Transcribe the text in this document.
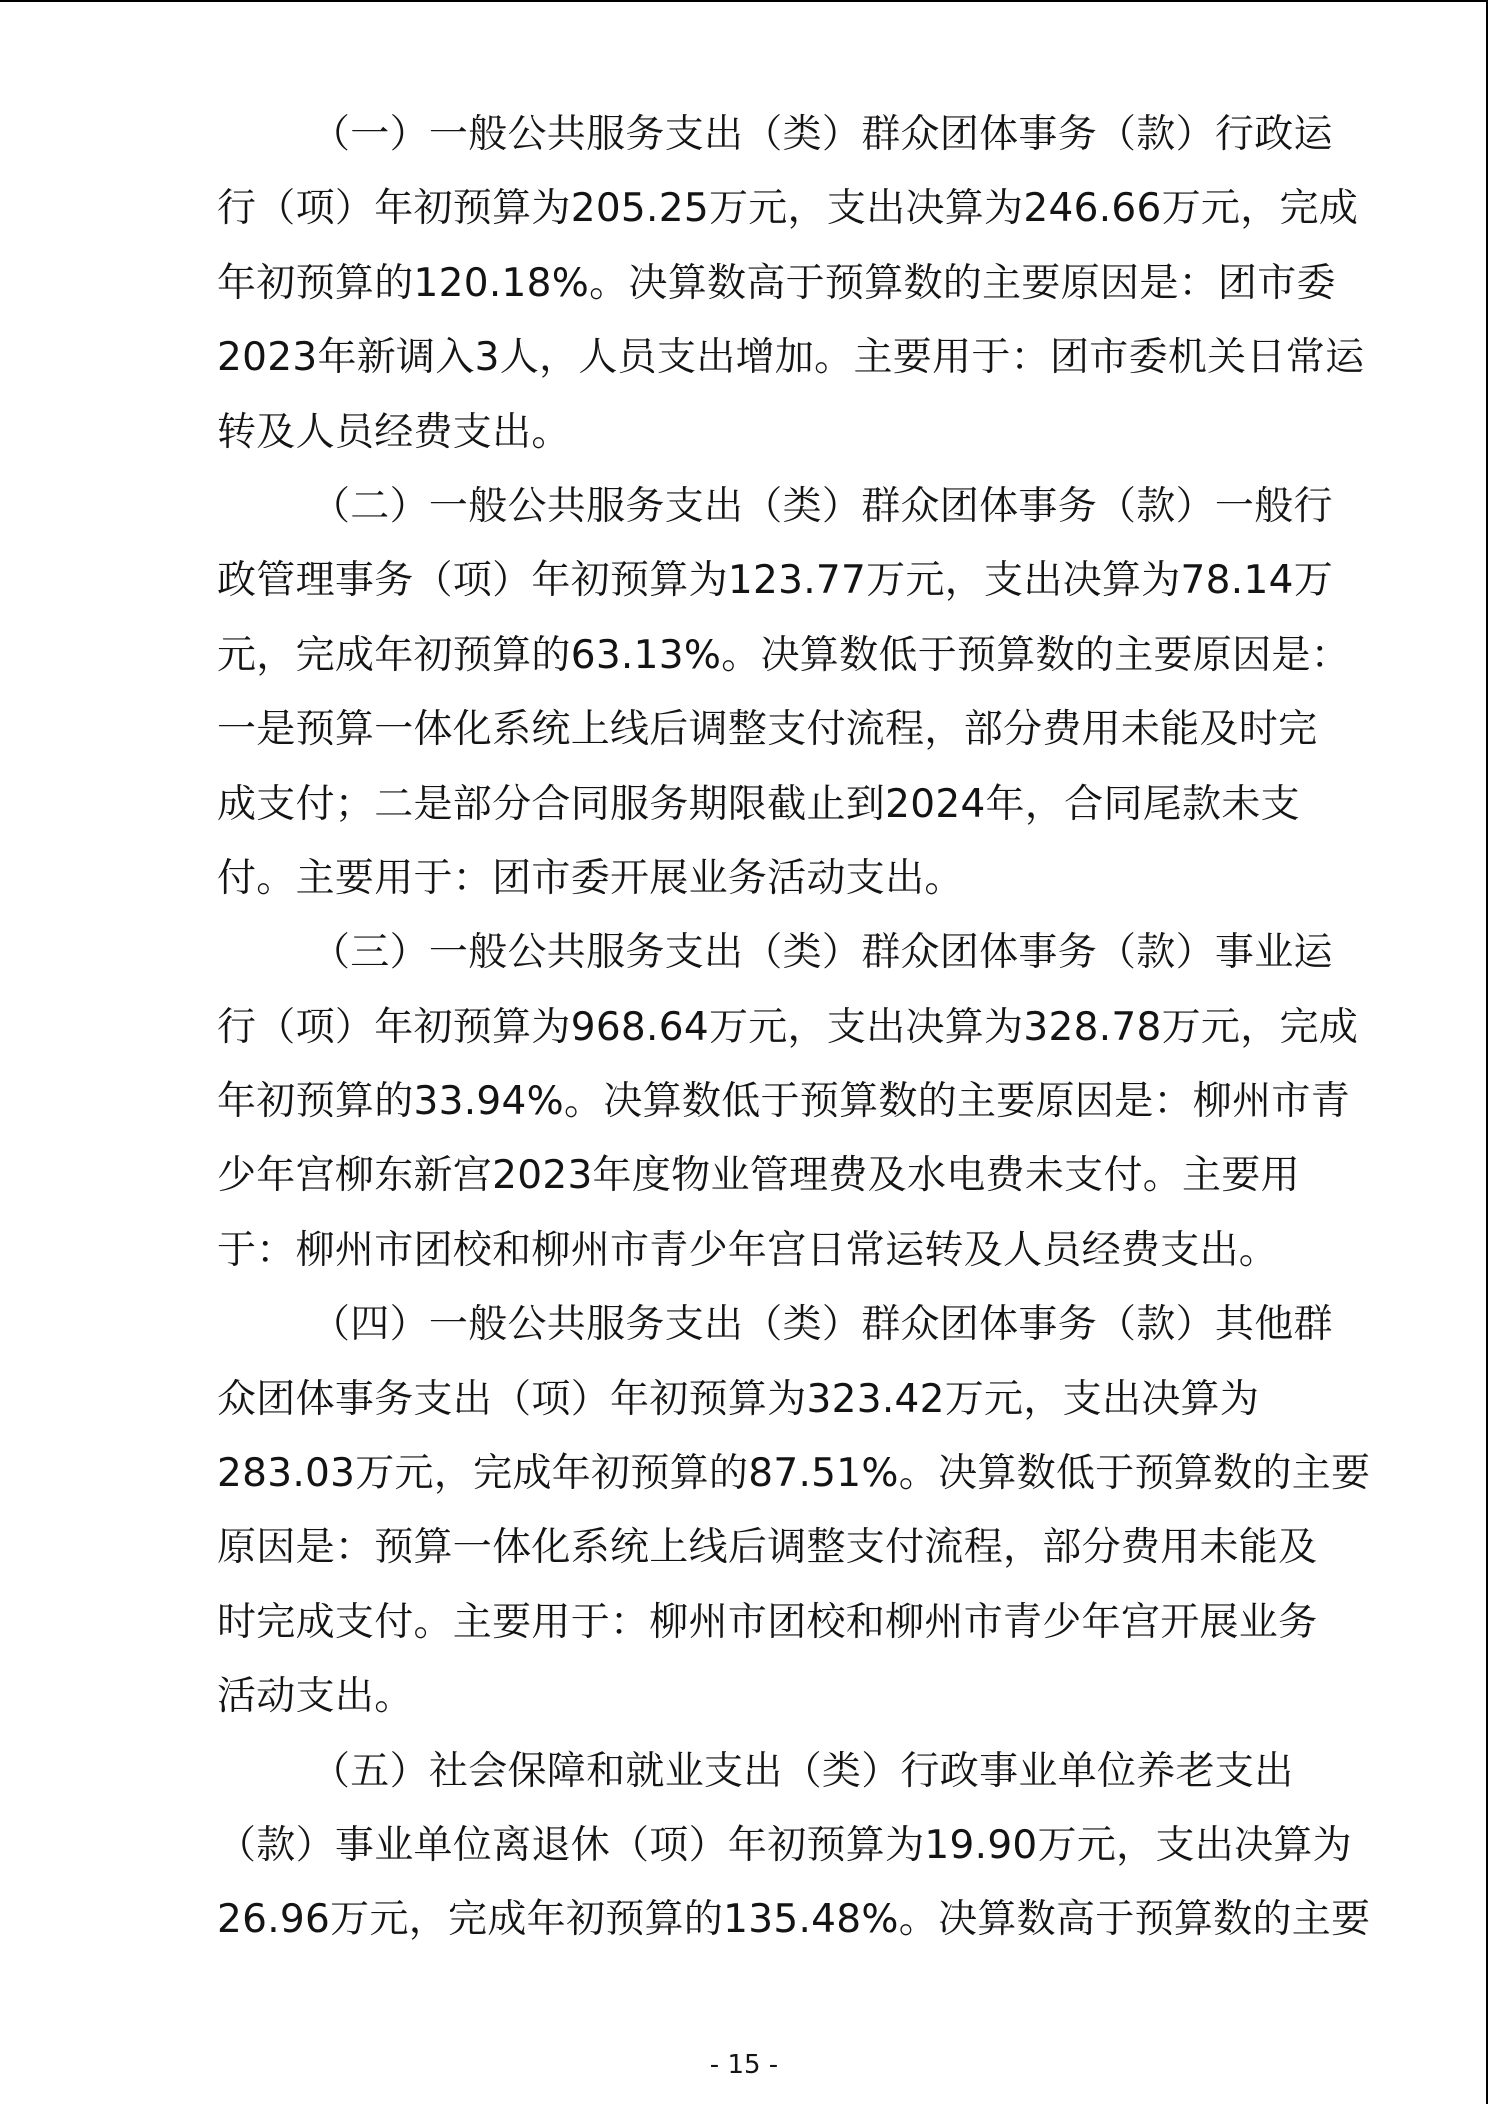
（一）一般公共服务支出（类）群众团体事务（款）行政运
行（项）年初预算为205.25万元，支出决算为246.66万元，完成
年初预算的120.18%。决算数高于预算数的主要原因是：团市委
2023年新调入3人，人员支出增加。主要用于：团市委机关日常运
转及人员经费支出。
（二）一般公共服务支出（类）群众团体事务（款）一般行
政管理事务（项）年初预算为123.77万元，支出决算为78.14万
元，完成年初预算的63.13%。决算数低于预算数的主要原因是：
一是预算一体化系统上线后调整支付流程，部分费用未能及时完
成支付；二是部分合同服务期限截止到2024年，合同尾款未支
付。主要用于：团市委开展业务活动支出。
（三）一般公共服务支出（类）群众团体事务（款）事业运
行（项）年初预算为968.64万元，支出决算为328.78万元，完成
年初预算的33.94%。决算数低于预算数的主要原因是：柳州市青
少年宫柳东新宫2023年度物业管理费及水电费未支付。主要用
于：柳州市团校和柳州市青少年宫日常运转及人员经费支出。
（四）一般公共服务支出（类）群众团体事务（款）其他群
众团体事务支出（项）年初预算为323.42万元，支出决算为
283.03万元，完成年初预算的87.51%。决算数低于预算数的主要
原因是：预算一体化系统上线后调整支付流程，部分费用未能及
时完成支付。主要用于：柳州市团校和柳州市青少年宫开展业务
活动支出。
（五）社会保障和就业支出（类）行政事业单位养老支出
（款）事业单位离退休（项）年初预算为19.90万元，支出决算为
26.96万元，完成年初预算的135.48%。决算数高于预算数的主要
- 15 -
